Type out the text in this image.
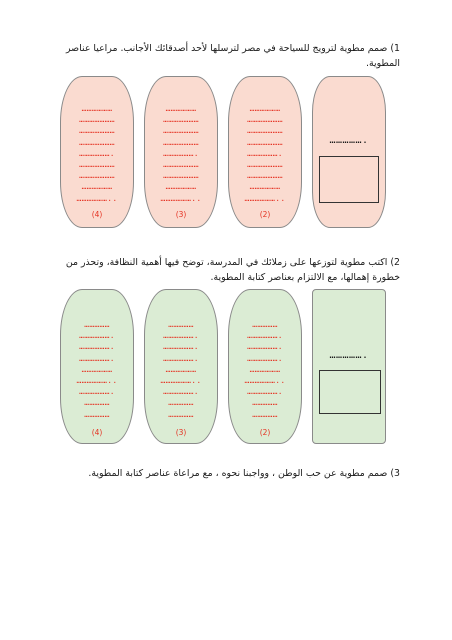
1) صمم مطوية لترويج للسياحة في مصر لترسلها لأحد أصدقائك الأجانب. مراعيا عناصر المطوية.
………………
…………………
…………………
…………………
……………….
…………………
…………………
………………
………………..
(4)
………………
…………………
…………………
…………………
……………….
…………………
…………………
………………
………………..
(3)
………………
…………………
…………………
…………………
……………….
…………………
…………………
………………
………………..
(2)
…………….
2) اكتب مطوية لتوزعها على زملائك في المدرسة، توضح فيها أهمية النظافة، وتحذر من خطورة إهمالها، مع الالتزام بعناصر كتابة المطوية.
……………
……………….
……………….
……………….
………………
………………..
……………….
……………
……………
(4)
……………
……………….
……………….
……………….
………………
………………..
……………….
……………
……………
(3)
……………
……………….
……………….
……………….
………………
………………..
……………….
……………
……………
(2)
…………….
3) صمم مطوية عن حب الوطن ، وواجبنا نحوه ، مع مراعاة عناصر كتابة المطوية.
